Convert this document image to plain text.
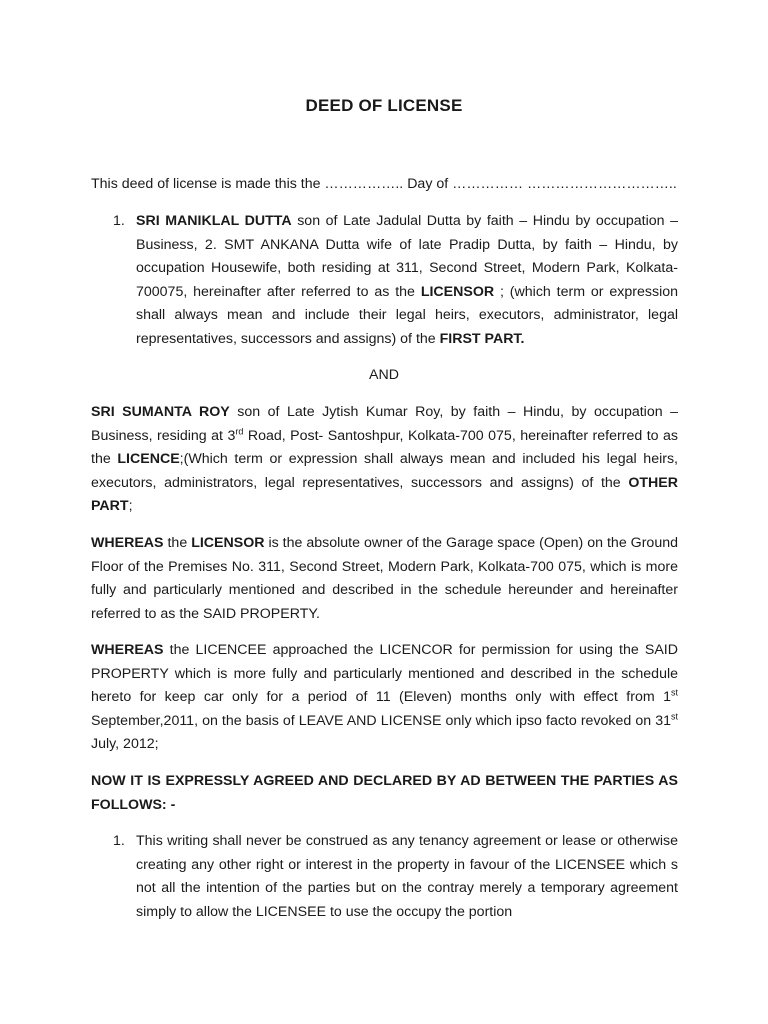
DEED OF LICENSE
This deed of license is made this the …………….. Day of …………… …………………………..
1. SRI MANIKLAL DUTTA son of Late Jadulal Dutta by faith – Hindu by occupation – Business, 2. SMT ANKANA Dutta wife of late Pradip Dutta, by faith – Hindu, by occupation Housewife, both residing at 311, Second Street, Modern Park, Kolkata-700075, hereinafter after referred to as the LICENSOR ; (which term or expression shall always mean and include their legal heirs, executors, administrator, legal representatives, successors and assigns) of the FIRST PART.
AND
SRI SUMANTA ROY son of Late Jytish Kumar Roy, by faith – Hindu, by occupation – Business, residing at 3rd Road, Post- Santoshpur, Kolkata-700 075, hereinafter referred to as the LICENCE;(Which term or expression shall always mean and included his legal heirs, executors, administrators, legal representatives, successors and assigns) of the OTHER PART;
WHEREAS the LICENSOR is the absolute owner of the Garage space (Open) on the Ground Floor of the Premises No. 311, Second Street, Modern Park, Kolkata-700 075, which is more fully and particularly mentioned and described in the schedule hereunder and hereinafter referred to as the SAID PROPERTY.
WHEREAS the LICENCEE approached the LICENCOR for permission for using the SAID PROPERTY which is more fully and particularly mentioned and described in the schedule hereto for keep car only for a period of 11 (Eleven) months only with effect from 1st September,2011, on the basis of LEAVE AND LICENSE only which ipso facto revoked on 31st July, 2012;
NOW IT IS EXPRESSLY AGREED AND DECLARED BY AD BETWEEN THE PARTIES AS FOLLOWS: -
1. This writing shall never be construed as any tenancy agreement or lease or otherwise creating any other right or interest in the property in favour of the LICENSEE which s not all the intention of the parties but on the contray merely a temporary agreement simply to allow the LICENSEE to use the occupy the portion
